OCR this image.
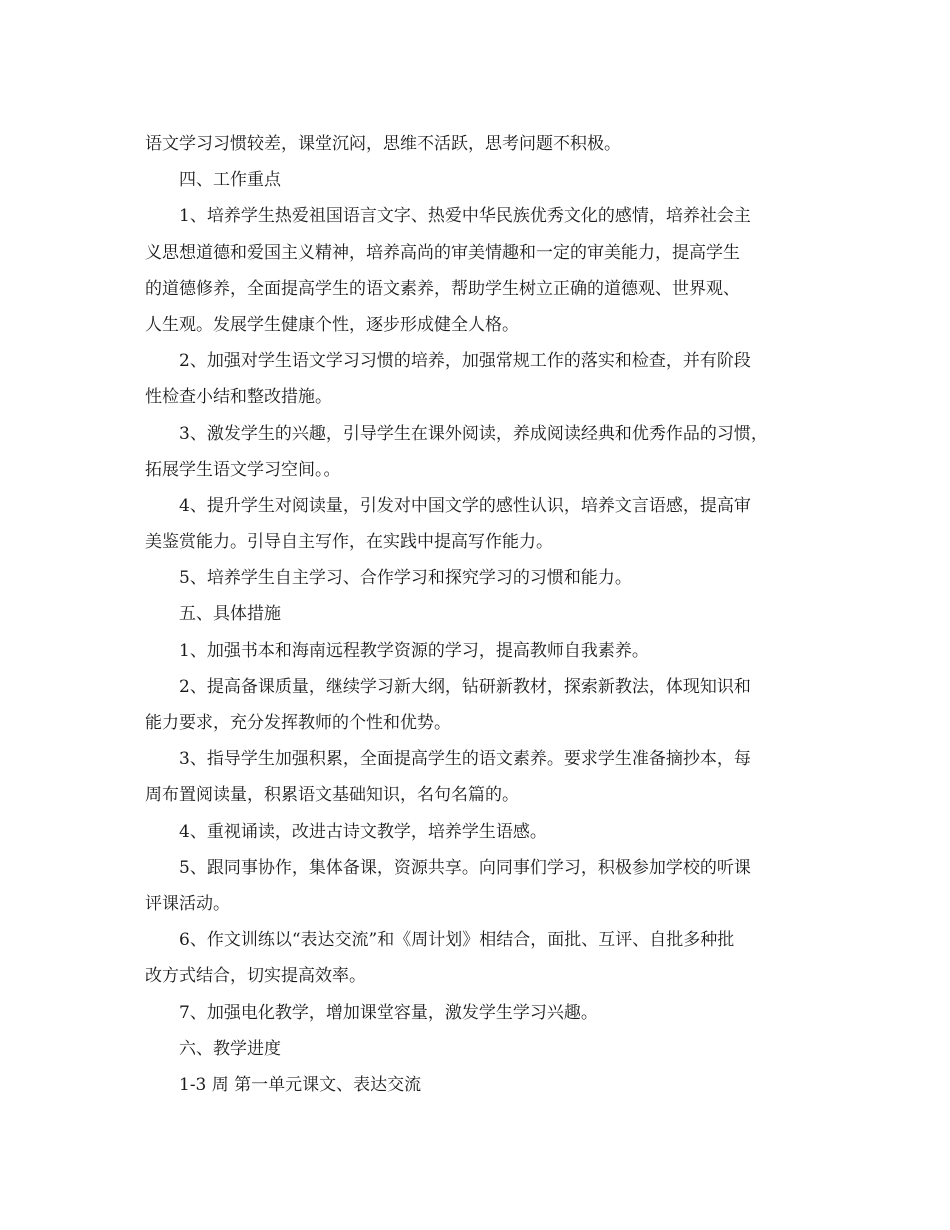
语文学习习惯较差，课堂沉闷，思维不活跃，思考问题不积极。
四、工作重点
1、培养学生热爱祖国语言文字、热爱中华民族优秀文化的感情，培养社会主
义思想道德和爱国主义精神，培养高尚的审美情趣和一定的审美能力，提高学生
的道德修养，全面提高学生的语文素养，帮助学生树立正确的道德观、世界观、
人生观。发展学生健康个性，逐步形成健全人格。
2、加强对学生语文学习习惯的培养，加强常规工作的落实和检查，并有阶段
性检查小结和整改措施。
3、激发学生的兴趣，引导学生在课外阅读，养成阅读经典和优秀作品的习惯，
拓展学生语文学习空间。。
4、提升学生对阅读量，引发对中国文学的感性认识，培养文言语感，提高审
美鉴赏能力。引导自主写作，在实践中提高写作能力。
5、培养学生自主学习、合作学习和探究学习的习惯和能力。
五、具体措施
1、加强书本和海南远程教学资源的学习，提高教师自我素养。
2、提高备课质量，继续学习新大纲，钻研新教材，探索新教法，体现知识和
能力要求，充分发挥教师的个性和优势。
3、指导学生加强积累，全面提高学生的语文素养。要求学生准备摘抄本，每
周布置阅读量，积累语文基础知识，名句名篇的。
4、重视诵读，改进古诗文教学，培养学生语感。
5、跟同事协作，集体备课，资源共享。向同事们学习，积极参加学校的听课
评课活动。
6、作文训练以“表达交流”和《周计划》相结合，面批、互评、自批多种批
改方式结合，切实提高效率。
7、加强电化教学，增加课堂容量，激发学生学习兴趣。
六、教学进度
1-3 周 第一单元课文、表达交流
